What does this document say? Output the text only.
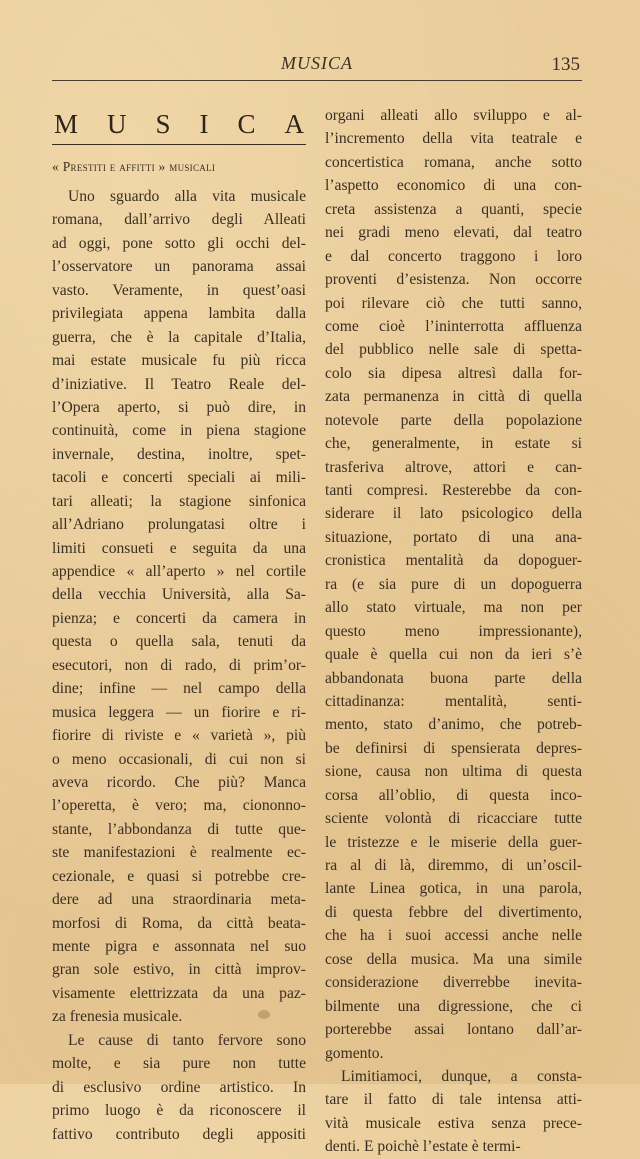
MUSICA	135
M U S I C A
« Prestiti e affitti » musicali
Uno sguardo alla vita musicale
romana, dall’arrivo degli Alleati
ad oggi, pone sotto gli occhi del-
l’osservatore un panorama assai
vasto. Veramente, in quest’oasi
privilegiata appena lambita dalla
guerra, che è la capitale d’Italia,
mai estate musicale fu più ricca
d’iniziative. Il Teatro Reale del-
l’Opera aperto, si può dire, in
continuità, come in piena stagione
invernale, destina, inoltre, spet-
tacoli e concerti speciali ai mili-
tari alleati; la stagione sinfonica
all’Adriano prolungatasi oltre i
limiti consueti e seguita da una
appendice « all’aperto » nel cortile
della vecchia Università, alla Sa-
pienza; e concerti da camera in
questa o quella sala, tenuti da
esecutori, non di rado, di prim’or-
dine; infine — nel campo della
musica leggera — un fiorire e ri-
fiorire di riviste e « varietà », più
o meno occasionali, di cui non si
aveva ricordo. Che più? Manca
l’operetta, è vero; ma, ciononno-
stante, l’abbondanza di tutte que-
ste manifestazioni è realmente ec-
cezionale, e quasi si potrebbe cre-
dere ad una straordinaria meta-
morfosi di Roma, da città beata-
mente pigra e assonnata nel suo
gran sole estivo, in città improv-
visamente elettrizzata da una paz-
za frenesia musicale.
Le cause di tanto fervore sono
molte, e sia pure non tutte
di esclusivo ordine artistico. In
primo luogo è da riconoscere il
fattivo contributo degli appositi
organi alleati allo sviluppo e al-
l’incremento della vita teatrale e
concertistica romana, anche sotto
l’aspetto economico di una con-
creta assistenza a quanti, specie
nei gradi meno elevati, dal teatro
e dal concerto traggono i loro
proventi d’esistenza. Non occorre
poi rilevare ciò che tutti sanno,
come cioè l’ininterrotta affluenza
del pubblico nelle sale di spetta-
colo sia dipesa altresì dalla for-
zata permanenza in città di quella
notevole parte della popolazione
che, generalmente, in estate si
trasferiva altrove, attori e can-
tanti compresi. Resterebbe da con-
siderare il lato psicologico della
situazione, portato di una ana-
cronistica mentalità da dopoguer-
ra (e sia pure di un dopoguerra
allo stato virtuale, ma non per
questo meno impressionante),
quale è quella cui non da ieri s’è
abbandonata buona parte della
cittadinanza: mentalità, senti-
mento, stato d’animo, che potreb-
be definirsi di spensierata depres-
sione, causa non ultima di questa
corsa all’oblio, di questa inco-
sciente volontà di ricacciare tutte
le tristezze e le miserie della guer-
ra al di là, diremmo, di un’oscil-
lante Linea gotica, in una parola,
di questa febbre del divertimento,
che ha i suoi accessi anche nelle
cose della musica. Ma una simile
considerazione diverrebbe inevita-
bilmente una digressione, che ci
porterebbe assai lontano dall’ar-
gomento.
Limitiamoci, dunque, a consta-
tare il fatto di tale intensa atti-
vità musicale estiva senza prece-
denti. E poichè l’estate è termi-
